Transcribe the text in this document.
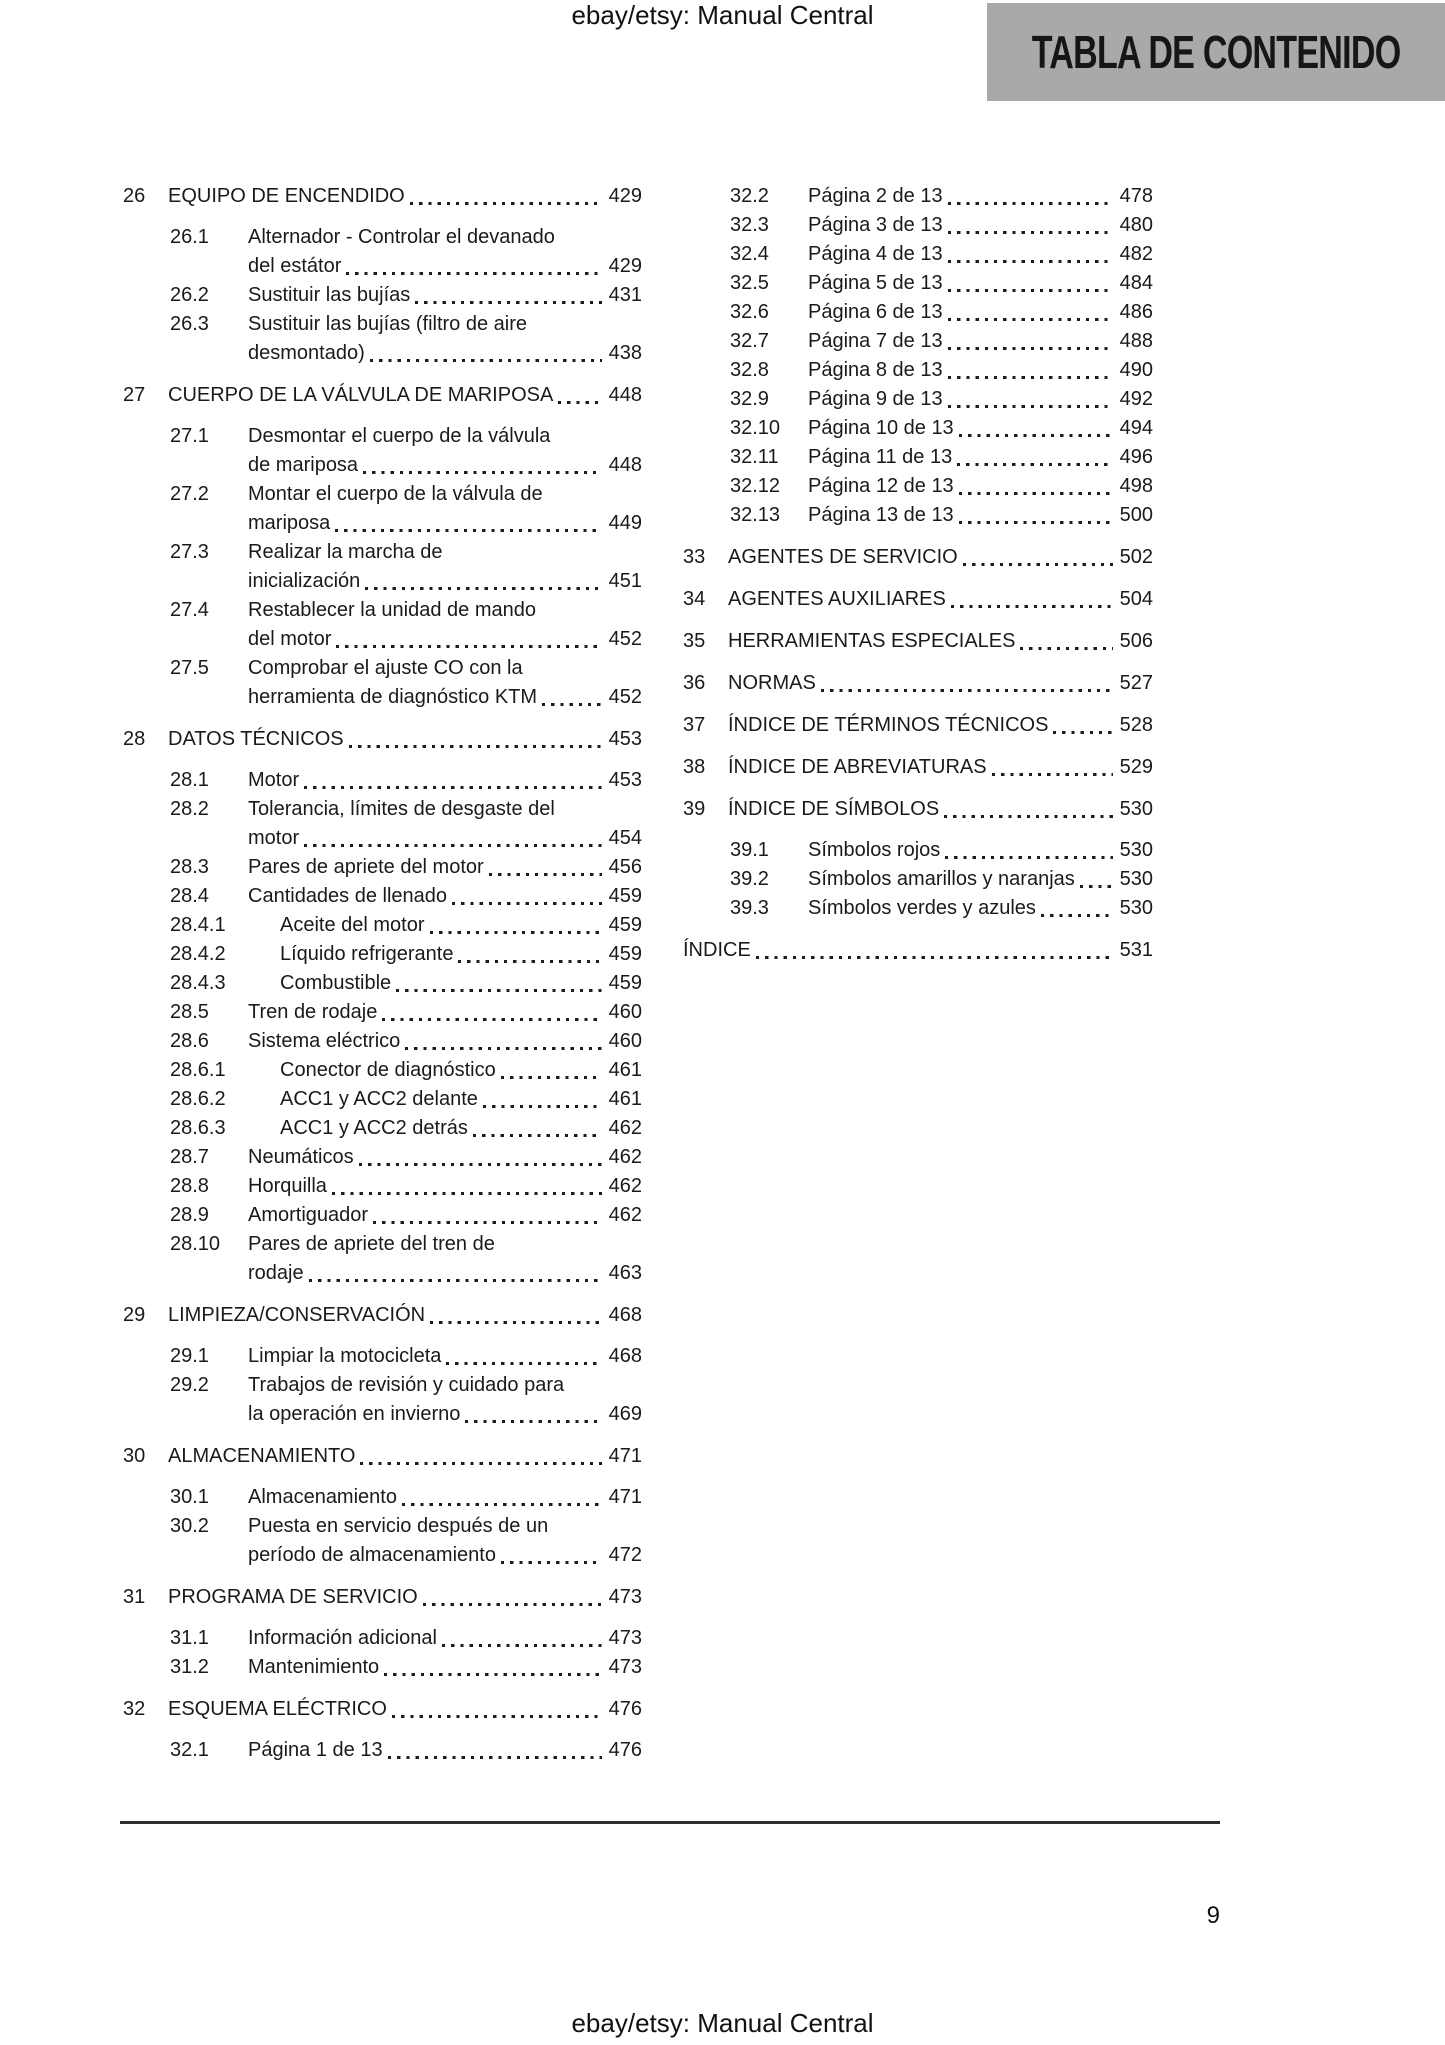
ebay/etsy: Manual Central
TABLA DE CONTENIDO
26	EQUIPO DE ENCENDIDO	429
26.1	Alternador - Controlar el devanado
del estátor	429
26.2	Sustituir las bujías	431
26.3	Sustituir las bujías (filtro de aire
desmontado)	438
27	CUERPO DE LA VÁLVULA DE MARIPOSA	448
27.1	Desmontar el cuerpo de la válvula
de mariposa	448
27.2	Montar el cuerpo de la válvula de
mariposa	449
27.3	Realizar la marcha de
inicialización	451
27.4	Restablecer la unidad de mando
del motor	452
27.5	Comprobar el ajuste CO con la
herramienta de diagnóstico KTM	452
28	DATOS TÉCNICOS	453
28.1	Motor	453
28.2	Tolerancia, límites de desgaste del
motor	454
28.3	Pares de apriete del motor	456
28.4	Cantidades de llenado	459
28.4.1	Aceite del motor	459
28.4.2	Líquido refrigerante	459
28.4.3	Combustible	459
28.5	Tren de rodaje	460
28.6	Sistema eléctrico	460
28.6.1	Conector de diagnóstico	461
28.6.2	ACC1 y ACC2 delante	461
28.6.3	ACC1 y ACC2 detrás	462
28.7	Neumáticos	462
28.8	Horquilla	462
28.9	Amortiguador	462
28.10	Pares de apriete del tren de
rodaje	463
29	LIMPIEZA/CONSERVACIÓN	468
29.1	Limpiar la motocicleta	468
29.2	Trabajos de revisión y cuidado para
la operación en invierno	469
30	ALMACENAMIENTO	471
30.1	Almacenamiento	471
30.2	Puesta en servicio después de un
período de almacenamiento	472
31	PROGRAMA DE SERVICIO	473
31.1	Información adicional	473
31.2	Mantenimiento	473
32	ESQUEMA ELÉCTRICO	476
32.1	Página 1 de 13	476
32.2	Página 2 de 13	478
32.3	Página 3 de 13	480
32.4	Página 4 de 13	482
32.5	Página 5 de 13	484
32.6	Página 6 de 13	486
32.7	Página 7 de 13	488
32.8	Página 8 de 13	490
32.9	Página 9 de 13	492
32.10	Página 10 de 13	494
32.11	Página 11 de 13	496
32.12	Página 12 de 13	498
32.13	Página 13 de 13	500
33	AGENTES DE SERVICIO	502
34	AGENTES AUXILIARES	504
35	HERRAMIENTAS ESPECIALES	506
36	NORMAS	527
37	ÍNDICE DE TÉRMINOS TÉCNICOS	528
38	ÍNDICE DE ABREVIATURAS	529
39	ÍNDICE DE SÍMBOLOS	530
39.1	Símbolos rojos	530
39.2	Símbolos amarillos y naranjas 530
39.3	Símbolos verdes y azules	530
ÍNDICE	531
9
ebay/etsy: Manual Central
